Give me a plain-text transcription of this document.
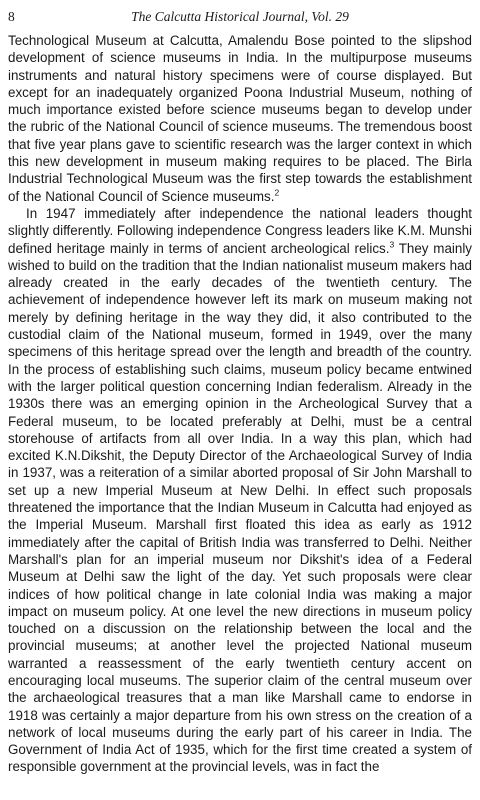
8	The Calcutta Historical Journal, Vol. 29

Technological Museum at Calcutta, Amalendu Bose pointed to the slipshod development of science museums in India. In the multipurpose museums instruments and natural history specimens were of course displayed. But except for an inadequately organized Poona Industrial Museum, nothing of much importance existed before science museums began to develop under the rubric of the National Council of science museums. The tremendous boost that five year plans gave to scientific research was the larger context in which this new development in museum making requires to be placed. The Birla Industrial Technological Museum was the first step towards the establishment of the National Council of Science museums.$^2$

In 1947 immediately after independence the national leaders thought slightly differently. Following independence Congress leaders like K.M. Munshi defined heritage mainly in terms of ancient archeological relics.$^3$ They mainly wished to build on the tradition that the Indian nationalist museum makers had already created in the early decades of the twentieth century. The achievement of independence however left its mark on museum making not merely by defining heritage in the way they did, it also contributed to the custodial claim of the National museum, formed in 1949, over the many specimens of this heritage spread over the length and breadth of the country. In the process of establishing such claims, museum policy became entwined with the larger political question concerning Indian federalism. Already in the 1930s there was an emerging opinion in the Archeological Survey that a Federal museum, to be located preferably at Delhi, must be a central storehouse of artifacts from all over India. In a way this plan, which had excited K.N.Dikshit, the Deputy Director of the Archaeological Survey of India in 1937, was a reiteration of a similar aborted proposal of Sir John Marshall to set up a new Imperial Museum at New Delhi. In effect such proposals threatened the importance that the Indian Museum in Calcutta had enjoyed as the Imperial Museum. Marshall first floated this idea as early as 1912 immediately after the capital of British India was transferred to Delhi. Neither Marshall's plan for an imperial museum nor Dikshit's idea of a Federal Museum at Delhi saw the light of the day. Yet such proposals were clear indices of how political change in late colonial India was making a major impact on museum policy. At one level the new directions in museum policy touched on a discussion on the relationship between the local and the provincial museums; at another level the projected National museum warranted a reassessment of the early twentieth century accent on encouraging local museums. The superior claim of the central museum over the archaeological treasures that a man like Marshall came to endorse in 1918 was certainly a major departure from his own stress on the creation of a network of local museums during the early part of his career in India. The Government of India Act of 1935, which for the first time created a system of responsible government at the provincial levels, was in fact the
